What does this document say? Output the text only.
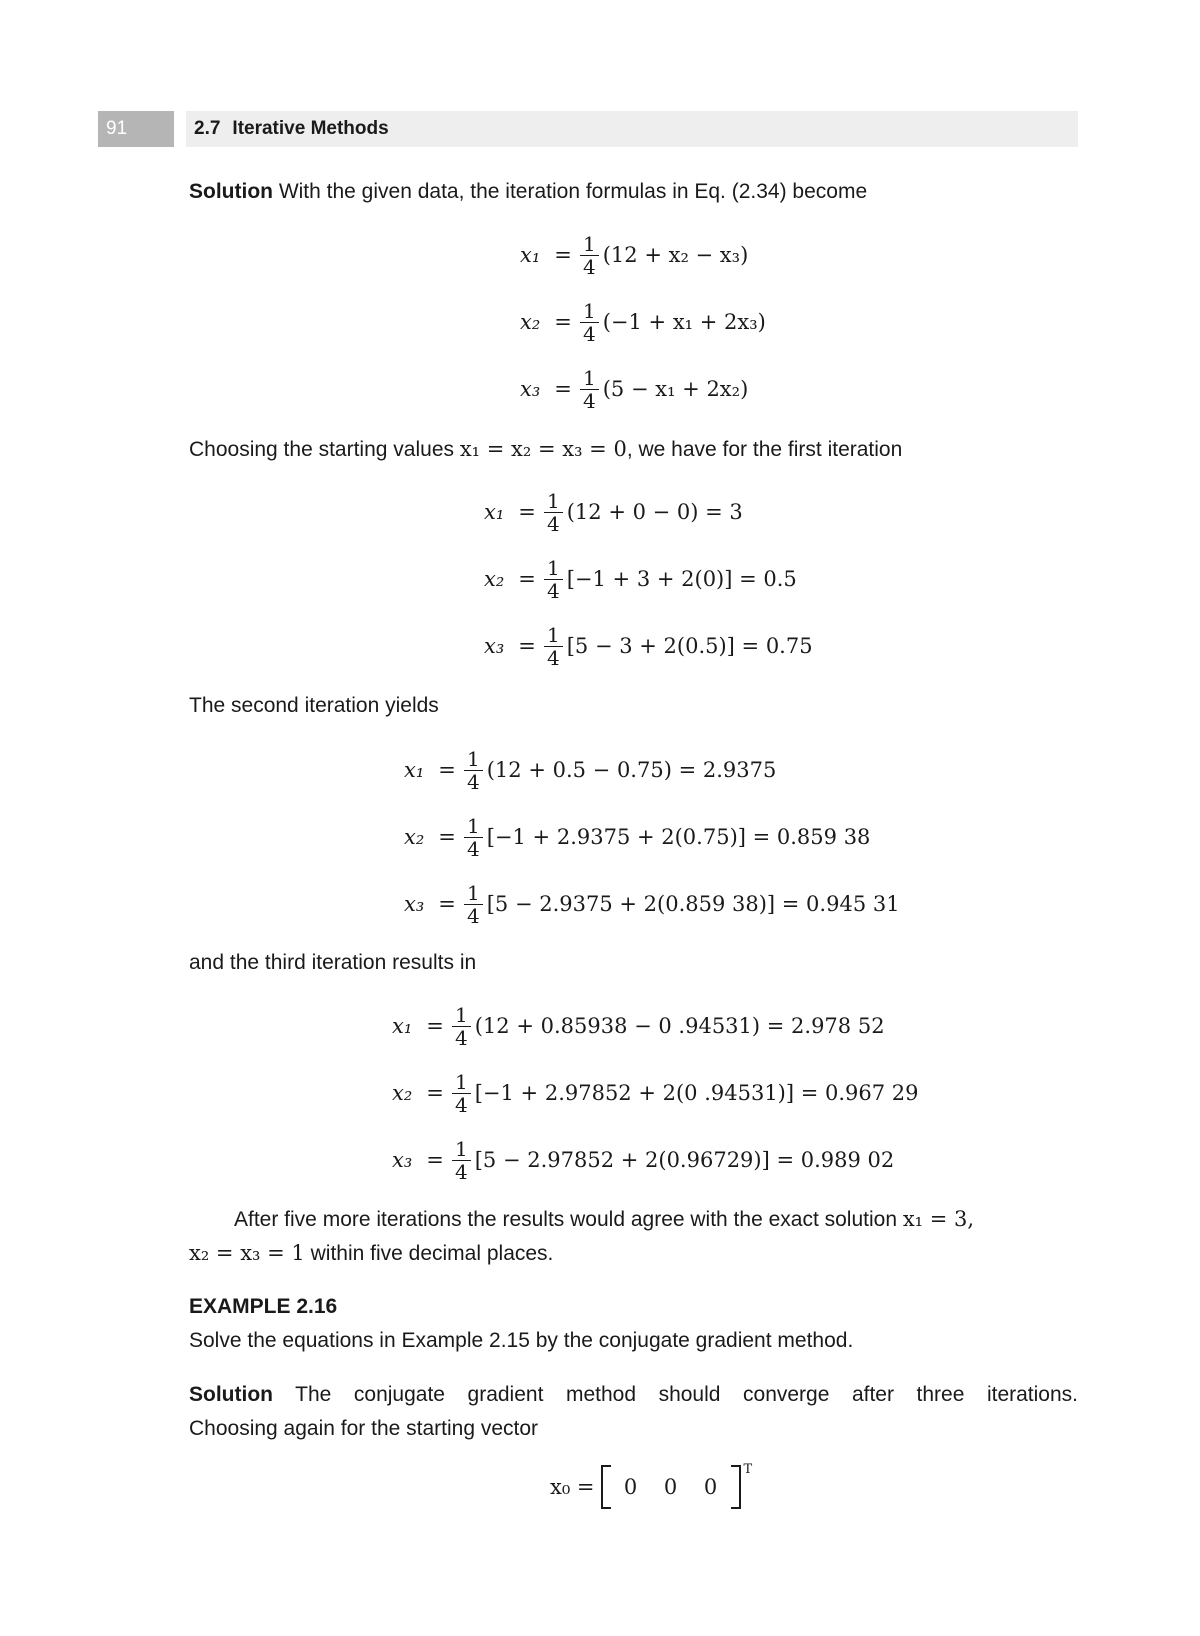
91	2.7 Iterative Methods
Solution With the given data, the iteration formulas in Eq. (2.34) become
$x_1 = \frac{1}{4} (12 + x_2 - x_3)$
$x_2 = \frac{1}{4} (-1 + x_1 + 2x_3)$
$x_3 = \frac{1}{4} (5 - x_1 + 2x_2)$
Choosing the starting values x₁ = x₂ = x₃ = 0, we have for the first iteration
$x_1 = \frac{1}{4} (12 + 0 - 0) = 3$
$x_2 = \frac{1}{4} [-1 + 3 + 2(0)] = 0.5$
$x_3 = \frac{1}{4} [5 - 3 + 2(0.5)] = 0.75$
The second iteration yields
$x_1 = \frac{1}{4} (12 + 0.5 - 0.75) = 2.9375$
$x_2 = \frac{1}{4} [-1 + 2.9375 + 2(0.75)] = 0.859$ 38
$x_3 = \frac{1}{4} [5 - 2.9375 + 2(0.859$ 38)] = 0.945 31
and the third iteration results in
$x_1 = \frac{1}{4} (12 + 0.85938 - 0$ .94531) = 2.978 52
$x_2 = \frac{1}{4} [-1 + 2.97852 + 2(0$ .94531)] = 0.967 29
$x_3 = \frac{1}{4} [5 - 2.97852 + 2(0.96729)] = 0.989$ 02
After five more iterations the results would agree with the exact solution x₁ = 3,
x₂ = x₃ = 1 within five decimal places.
EXAMPLE 2.16
Solve the equations in Example 2.15 by the conjugate gradient method.
Solution The conjugate gradient method should converge after three iterations.
Choosing again for the starting vector
x₀ =	0	0	0
T
